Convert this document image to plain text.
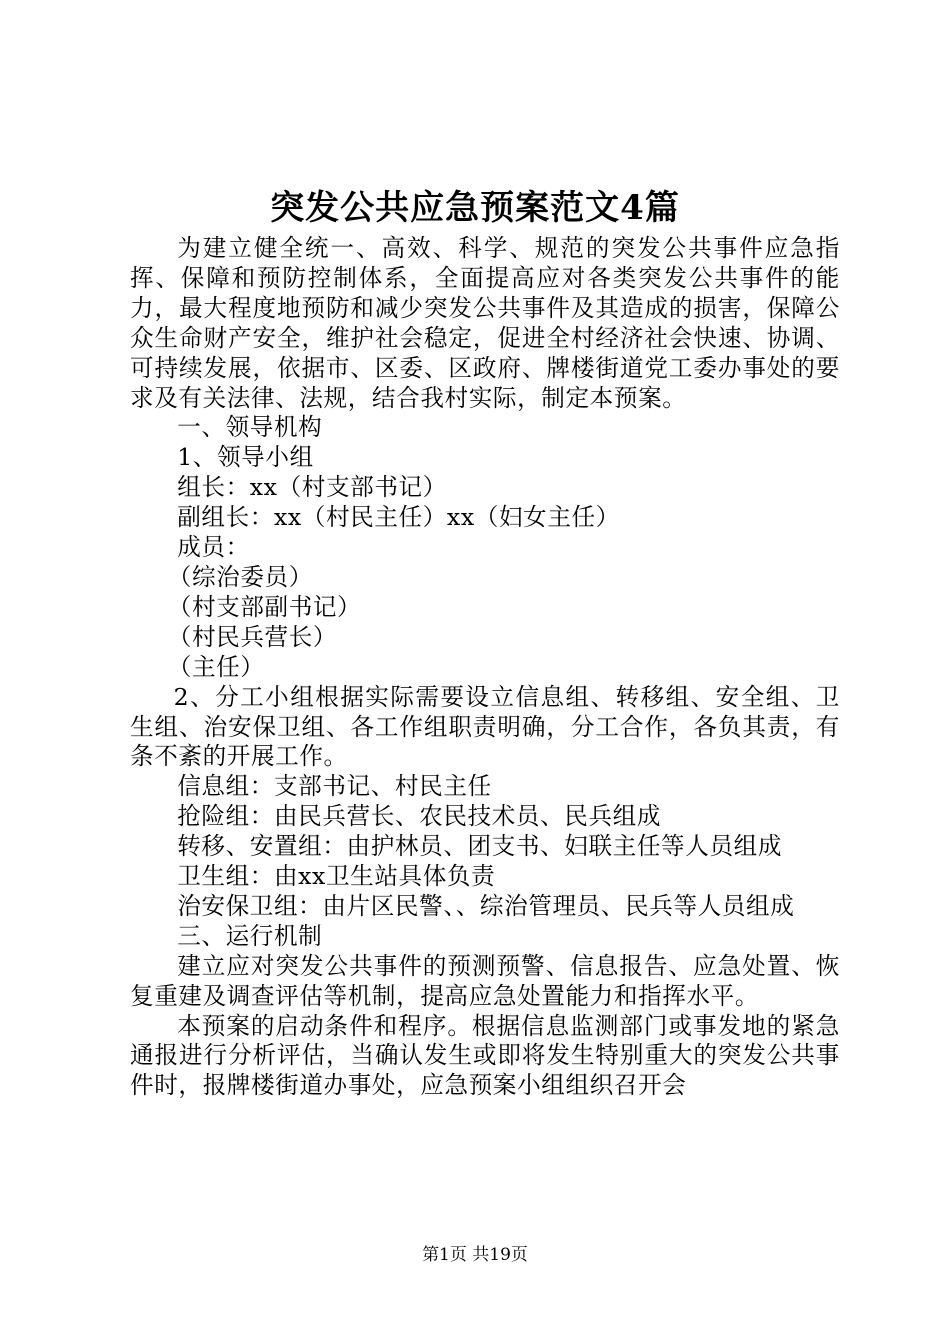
突发公共应急预案范文4篇

为建立健全统一、高效、科学、规范的突发公共事件应急指挥、保障和预防控制体系，全面提高应对各类突发公共事件的能力，最大程度地预防和减少突发公共事件及其造成的损害，保障公众生命财产安全，维护社会稳定，促进全村经济社会快速、协调、可持续发展，依据市、区委、区政府、牌楼街道党工委办事处的要求及有关法律、法规，结合我村实际，制定本预案。

一、领导机构

1、领导小组

组长：xx（村支部书记）

副组长：xx（村民主任）xx（妇女主任）

成员：

（综治委员）

（村支部副书记）

（村民兵营长）

（主任）

2、分工小组根据实际需要设立信息组、转移组、安全组、卫生组、治安保卫组、各工作组职责明确，分工合作，各负其责，有条不紊的开展工作。

信息组：支部书记、村民主任

抢险组：由民兵营长、农民技术员、民兵组成

转移、安置组：由护林员、团支书、妇联主任等人员组成

卫生组：由xx卫生站具体负责

治安保卫组：由片区民警、、综治管理员、民兵等人员组成

三、运行机制

建立应对突发公共事件的预测预警、信息报告、应急处置、恢复重建及调查评估等机制，提高应急处置能力和指挥水平。

本预案的启动条件和程序。根据信息监测部门或事发地的紧急通报进行分析评估，当确认发生或即将发生特别重大的突发公共事件时，报牌楼街道办事处，应急预案小组组织召开会

第1页 共19页
